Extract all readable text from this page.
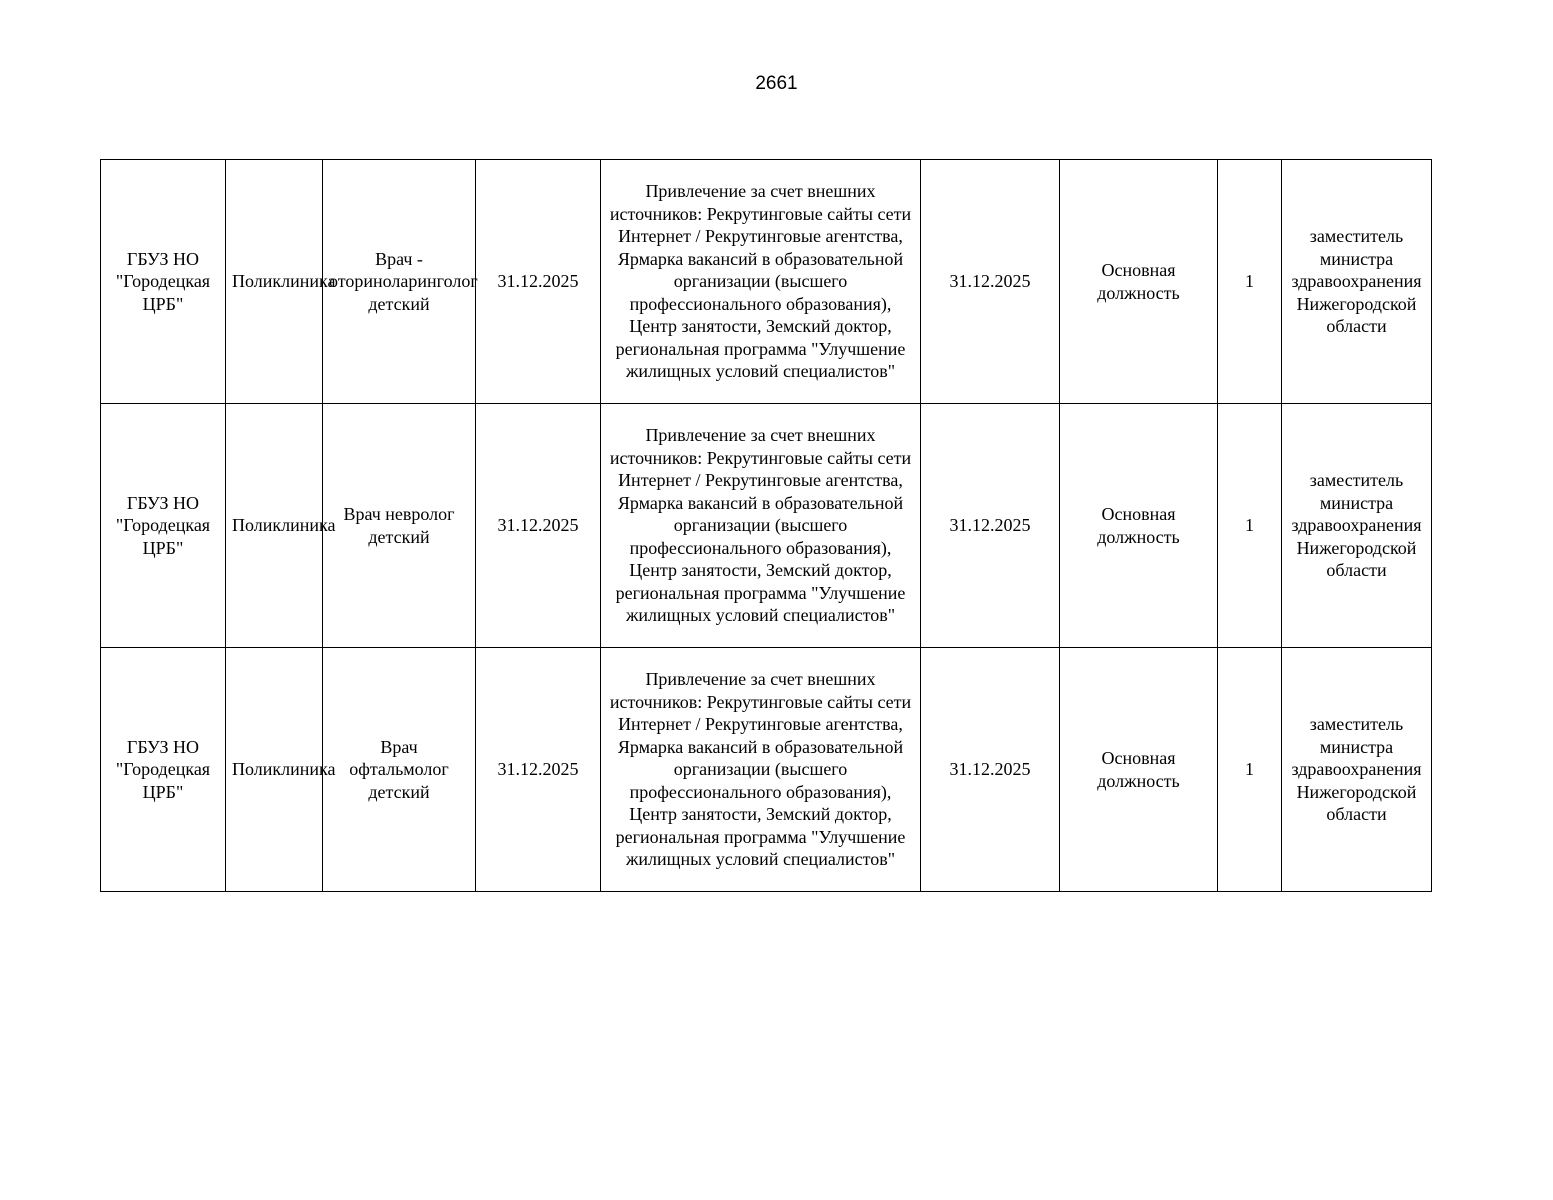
2661
ГБУЗ НО "Городецкая ЦРБ"	Поликлиника	Врач - оториноларинголог детский	31.12.2025	Привлечение за счет внешних источников: Рекрутинговые сайты сети Интернет / Рекрутинговые агентства, Ярмарка вакансий в образовательной организации (высшего профессионального образования), Центр занятости, Земский доктор, региональная программа "Улучшение жилищных условий специалистов"	31.12.2025	Основная должность	1	заместитель министра здравоохранения Нижегородской области
ГБУЗ НО "Городецкая ЦРБ"	Поликлиника	Врач невролог детский	31.12.2025	Привлечение за счет внешних источников: Рекрутинговые сайты сети Интернет / Рекрутинговые агентства, Ярмарка вакансий в образовательной организации (высшего профессионального образования), Центр занятости, Земский доктор, региональная программа "Улучшение жилищных условий специалистов"	31.12.2025	Основная должность	1	заместитель министра здравоохранения Нижегородской области
ГБУЗ НО "Городецкая ЦРБ"	Поликлиника	Врач офтальмолог детский	31.12.2025	Привлечение за счет внешних источников: Рекрутинговые сайты сети Интернет / Рекрутинговые агентства, Ярмарка вакансий в образовательной организации (высшего профессионального образования), Центр занятости, Земский доктор, региональная программа "Улучшение жилищных условий специалистов"	31.12.2025	Основная должность	1	заместитель министра здравоохранения Нижегородской области
